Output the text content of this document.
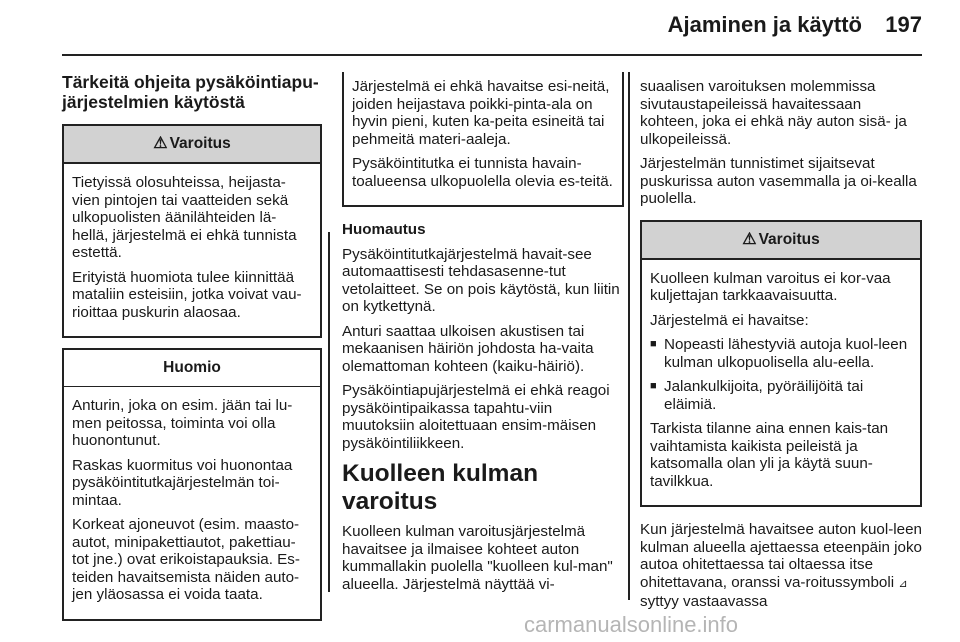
Ajaminen ja käyttö 197
Tärkeitä ohjeita pysäköintiapu-järjestelmien käytöstä
⚠ Varoitus

Tietyissä olosuhteissa, heijasta-vien pintojen tai vaatteiden sekä ulkopuolisten äänilähteiden lä-hellä, järjestelmä ei ehkä tunnista estettä.

Erityistä huomiota tulee kiinnittää mataliin esteisiin, jotka voivat vau-rioittaa puskurin alaosaa.

Huomio

Anturin, joka on esim. jään tai lu-men peitossa, toiminta voi olla huonontunut.

Raskas kuormitus voi huonontaa pysäköintitutkajärjestelmän toi-mintaa.

Korkeat ajoneuvot (esim. maasto-autot, minipakettiautot, pakettiau-tot jne.) ovat erikoistapauksia. Es-teiden havaitsemista näiden auto-jen yläosassa ei voida taata.

Järjestelmä ei ehkä havaitse esi-neitä, joiden heijastava poikki-pinta-ala on hyvin pieni, kuten ka-peita esineitä tai pehmeitä materi-aaleja.

Pysäköintitutka ei tunnista havain-toalueensa ulkopuolella olevia es-teitä.

Huomautus

Pysäköintitutkajärjestelmä havait-see automaattisesti tehdasasenne-tut vetolaitteet. Se on pois käytöstä, kun liitin on kytkettynä.

Anturi saattaa ulkoisen akustisen tai mekaanisen häiriön johdosta ha-vaita olemattoman kohteen (kaiku-häiriö).

Pysäköintiapujärjestelmä ei ehkä reagoi pysäköintipaikassa tapahtu-viin muutoksiin aloitettuaan ensim-mäisen pysäköintiliikkeen.

Kuolleen kulman varoitus

Kuolleen kulman varoitusjärjestelmä havaitsee ja ilmaisee kohteet auton kummallakin puolella "kuolleen kul-man" alueella. Järjestelmä näyttää vi-

suaalisen varoituksen molemmissa sivutaustapeileissä havaitessaan kohteen, joka ei ehkä näy auton sisä- ja ulkopeileissä.

Järjestelmän tunnistimet sijaitsevat puskurissa auton vasemmalla ja oi-kealla puolella.

⚠ Varoitus

Kuolleen kulman varoitus ei kor-vaa kuljettajan tarkkaavaisuutta.

Järjestelmä ei havaitse:

■ Nopeasti lähestyviä autoja kuol-leen kulman ulkopuolisella alu-eella.
■ Jalankulkijoita, pyöräilijöitä tai eläimiä.

Tarkista tilanne aina ennen kais-tan vaihtamista kaikista peileistä ja katsomalla olan yli ja käytä suun-tavilkkua.

Kun järjestelmä havaitsee auton kuol-leen kulman alueella ajettaessa eteenpäin joko autoa ohitettaessa tai oltaessa itse ohitettavana, oranssi va-roitussymboli ⊿ syttyy vastaavassa

carmanualsonline.info
